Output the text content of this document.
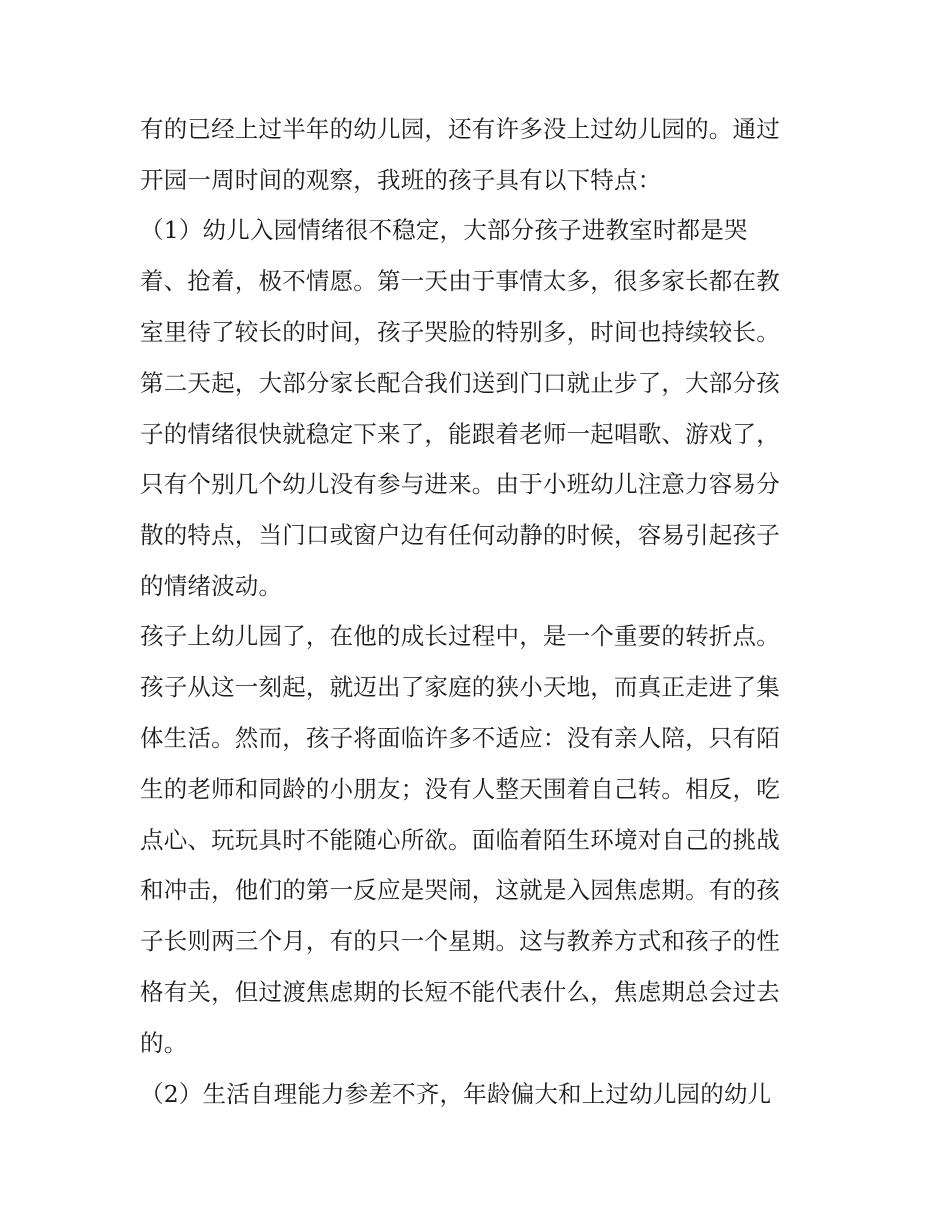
有的已经上过半年的幼儿园，还有许多没上过幼儿园的。通过
开园一周时间的观察，我班的孩子具有以下特点：
（1）幼儿入园情绪很不稳定，大部分孩子进教室时都是哭
着、抢着，极不情愿。第一天由于事情太多，很多家长都在教
室里待了较长的时间，孩子哭脸的特别多，时间也持续较长。
第二天起，大部分家长配合我们送到门口就止步了，大部分孩
子的情绪很快就稳定下来了，能跟着老师一起唱歌、游戏了，
只有个别几个幼儿没有参与进来。由于小班幼儿注意力容易分
散的特点，当门口或窗户边有任何动静的时候，容易引起孩子
的情绪波动。
孩子上幼儿园了，在他的成长过程中，是一个重要的转折点。
孩子从这一刻起，就迈出了家庭的狭小天地，而真正走进了集
体生活。然而，孩子将面临许多不适应：没有亲人陪，只有陌
生的老师和同龄的小朋友；没有人整天围着自己转。相反，吃
点心、玩玩具时不能随心所欲。面临着陌生环境对自己的挑战
和冲击，他们的第一反应是哭闹，这就是入园焦虑期。有的孩
子长则两三个月，有的只一个星期。这与教养方式和孩子的性
格有关，但过渡焦虑期的长短不能代表什么，焦虑期总会过去
的。
（2）生活自理能力参差不齐，年龄偏大和上过幼儿园的幼儿
